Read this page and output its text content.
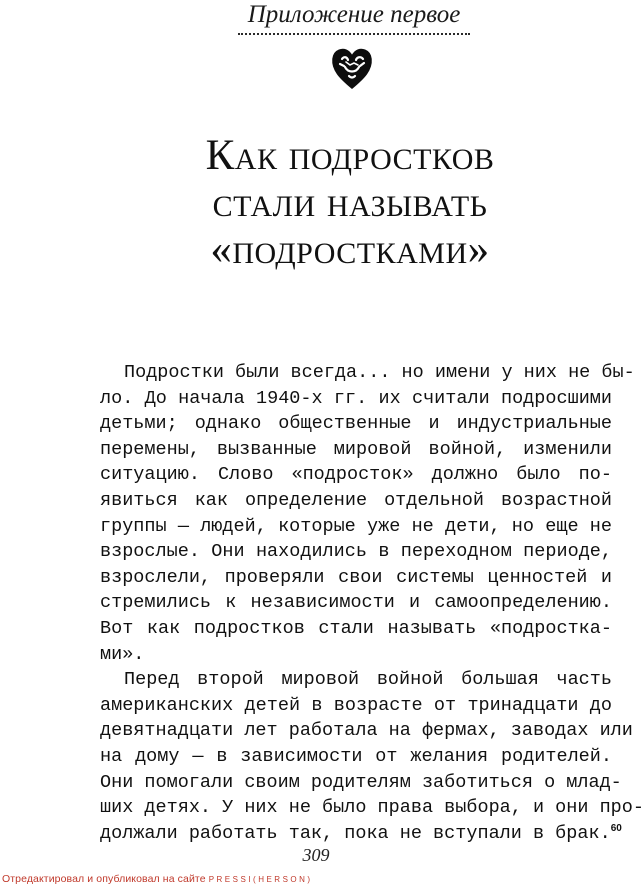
Приложение первое
Как подростков
стали называть
«подростками»
Подростки были всегда... но имени у них не бы-
ло. До начала 1940-х гг. их считали подросшими
детьми; однако общественные и индустриальные
перемены, вызванные мировой войной, изменили
ситуацию. Слово «подросток» должно было по-
явиться как определение отдельной возрастной
группы — людей, которые уже не дети, но еще не
взрослые. Они находились в переходном периоде,
взрослели, проверяли свои системы ценностей и
стремились к независимости и самоопределению.
Вот как подростков стали называть «подростка-
ми».
Перед второй мировой войной большая часть
американских детей в возрасте от тринадцати до
девятнадцати лет работала на фермах, заводах или
на дому — в зависимости от желания родителей.
Они помогали своим родителям заботиться о млад-
ших детях. У них не было права выбора, и они про-
должали работать так, пока не вступали в брак.$^{60}$
309
Отредактировал и опубликовал на сайте PRESSI(HERSON)
